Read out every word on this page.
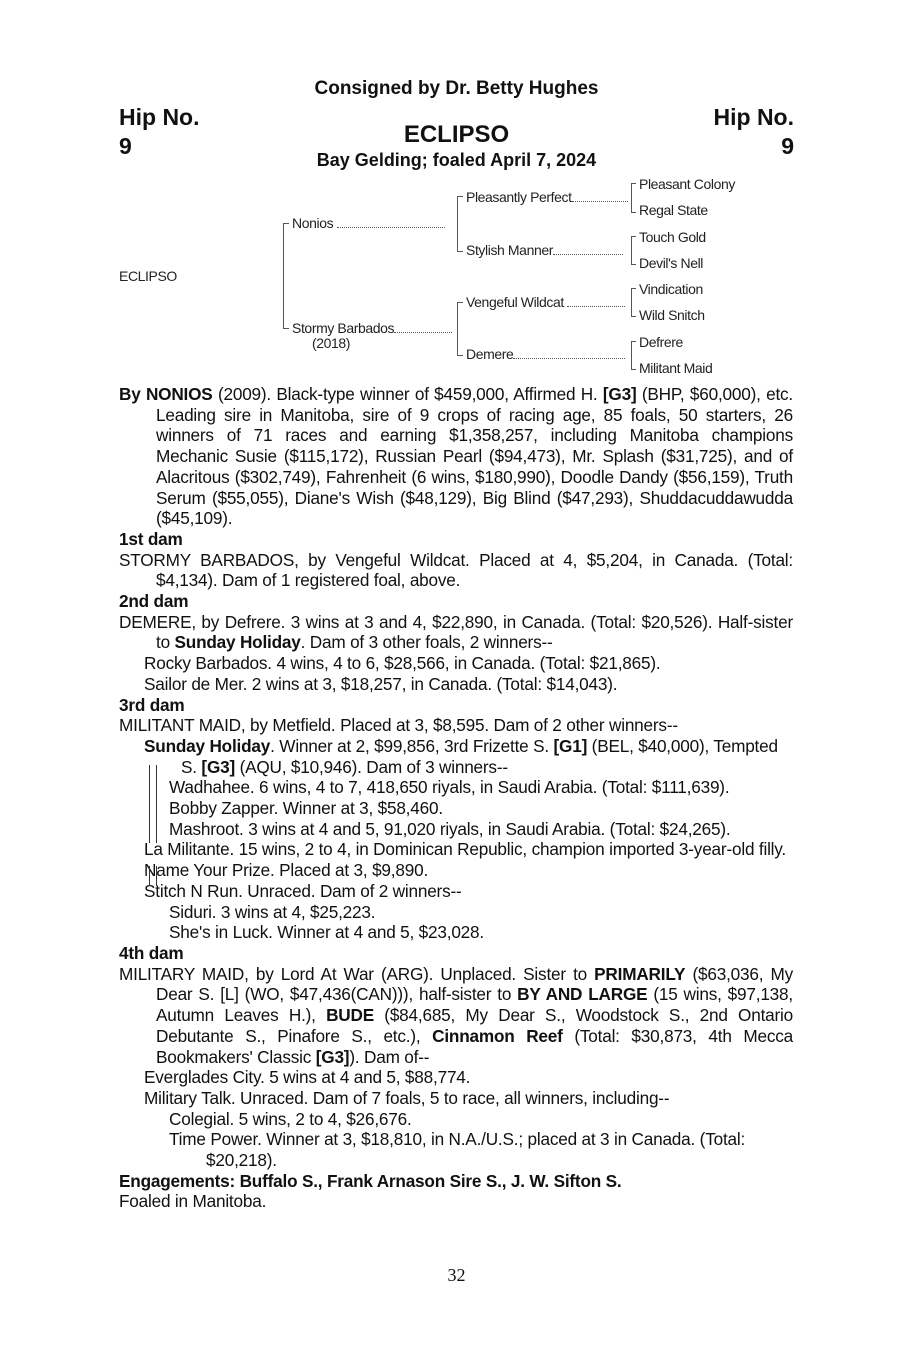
Consigned by Dr. Betty Hughes
Hip No.
9
Hip No.
9
ECLIPSO
Bay Gelding; foaled April 7, 2024
ECLIPSO
Nonios
Stormy Barbados
(2018)
Pleasantly Perfect
Stylish Manner
Vengeful Wildcat
Demere
Pleasant Colony
Regal State
Touch Gold
Devil's Nell
Vindication
Wild Snitch
Defrere
Militant Maid

By NONIOS (2009). Black-type winner of $459,000, Affirmed H. [G3] (BHP, $60,000), etc. Leading sire in Manitoba, sire of 9 crops of racing age, 85 foals, 50 starters, 26 winners of 71 races and earning $1,358,257, including Manitoba champions Mechanic Susie ($115,172), Russian Pearl ($94,473), Mr. Splash ($31,725), and of Alacritous ($302,749), Fahrenheit (6 wins, $180,990), Doodle Dandy ($56,159), Truth Serum ($55,055), Diane's Wish ($48,129), Big Blind ($47,293), Shuddacuddawudda ($45,109).

1st dam

STORMY BARBADOS, by Vengeful Wildcat. Placed at 4, $5,204, in Canada. (Total: $4,134). Dam of 1 registered foal, above.

2nd dam

DEMERE, by Defrere. 3 wins at 3 and 4, $22,890, in Canada. (Total: $20,526). Half-sister to Sunday Holiday. Dam of 3 other foals, 2 winners--

Rocky Barbados. 4 wins, 4 to 6, $28,566, in Canada. (Total: $21,865).

Sailor de Mer. 2 wins at 3, $18,257, in Canada. (Total: $14,043).

3rd dam

MILITANT MAID, by Metfield. Placed at 3, $8,595. Dam of 2 other winners--

Sunday Holiday. Winner at 2, $99,856, 3rd Frizette S. [G1] (BEL, $40,000), Tempted S. [G3] (AQU, $10,946). Dam of 3 winners--

Wadhahee. 6 wins, 4 to 7, 418,650 riyals, in Saudi Arabia. (Total: $111,639).

Bobby Zapper. Winner at 3, $58,460.

Mashroot. 3 wins at 4 and 5, 91,020 riyals, in Saudi Arabia. (Total: $24,265).

La Militante. 15 wins, 2 to 4, in Dominican Republic, champion imported 3-year-old filly.

Name Your Prize. Placed at 3, $9,890.

Stitch N Run. Unraced. Dam of 2 winners--

Siduri. 3 wins at 4, $25,223.

She's in Luck. Winner at 4 and 5, $23,028.

4th dam

MILITARY MAID, by Lord At War (ARG). Unplaced. Sister to PRIMARILY ($63,036, My Dear S. [L] (WO, $47,436(CAN))), half-sister to BY AND LARGE (15 wins, $97,138, Autumn Leaves H.), BUDE ($84,685, My Dear S., Woodstock S., 2nd Ontario Debutante S., Pinafore S., etc.), Cinnamon Reef (Total: $30,873, 4th Mecca Bookmakers' Classic [G3]). Dam of--

Everglades City. 5 wins at 4 and 5, $88,774.

Military Talk. Unraced. Dam of 7 foals, 5 to race, all winners, including--

Colegial. 5 wins, 2 to 4, $26,676.

Time Power. Winner at 3, $18,810, in N.A./U.S.; placed at 3 in Canada. (Total: $20,218).

Engagements: Buffalo S., Frank Arnason Sire S., J. W. Sifton S.

Foaled in Manitoba.

32
